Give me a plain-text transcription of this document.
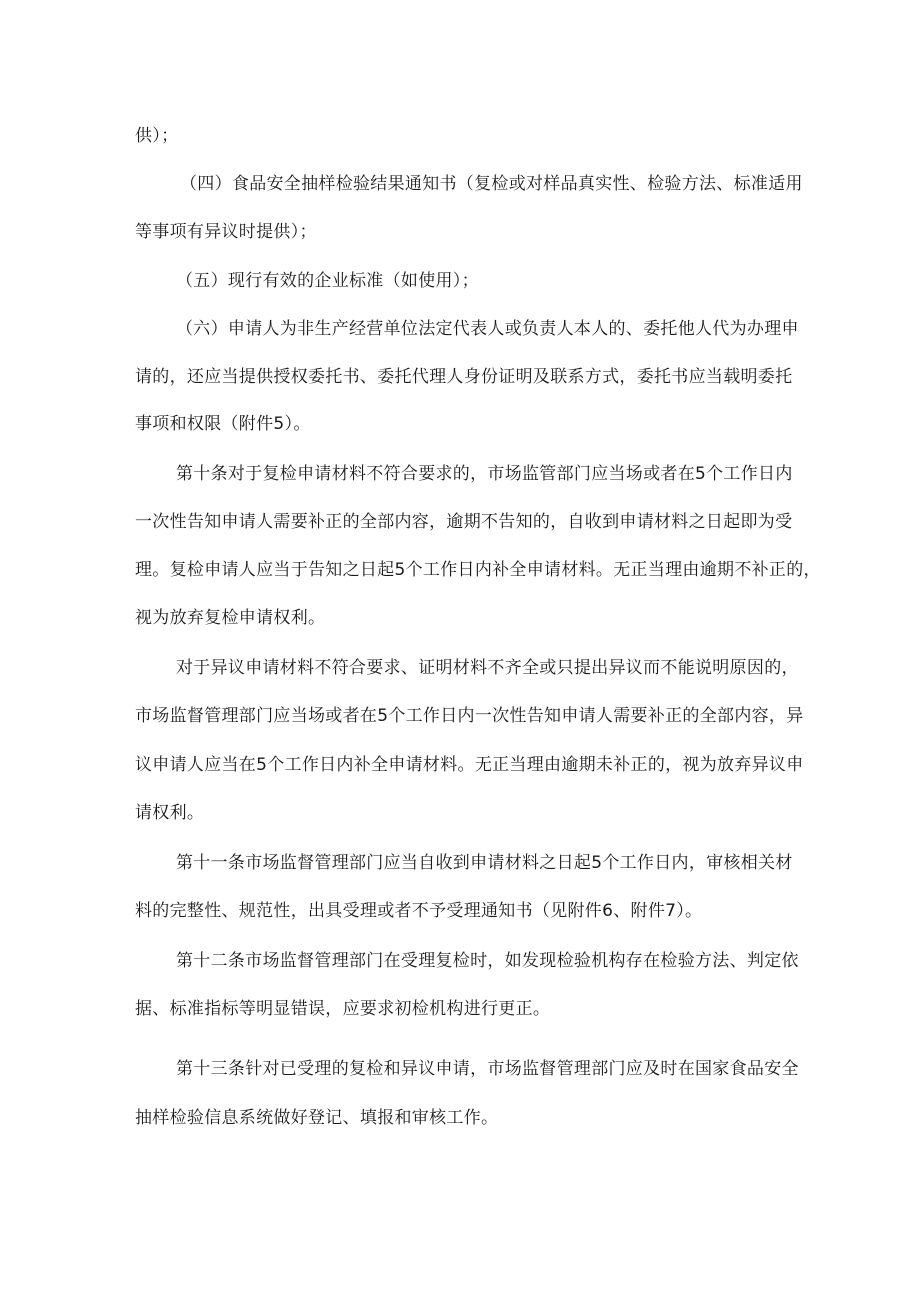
供）；
（四）食品安全抽样检验结果通知书（复检或对样品真实性、检验方法、标准适用
等事项有异议时提供）；
（五）现行有效的企业标准（如使用）；
（六）申请人为非生产经营单位法定代表人或负责人本人的、委托他人代为办理申
请的，还应当提供授权委托书、委托代理人身份证明及联系方式，委托书应当载明委托
事项和权限（附件5）。
第十条对于复检申请材料不符合要求的，市场监管部门应当场或者在5个工作日内
一次性告知申请人需要补正的全部内容，逾期不告知的，自收到申请材料之日起即为受
理。复检申请人应当于告知之日起5个工作日内补全申请材料。无正当理由逾期不补正的，
视为放弃复检申请权利。
对于异议申请材料不符合要求、证明材料不齐全或只提出异议而不能说明原因的，
市场监督管理部门应当场或者在5个工作日内一次性告知申请人需要补正的全部内容，异
议申请人应当在5个工作日内补全申请材料。无正当理由逾期未补正的，视为放弃异议申
请权利。
第十一条市场监督管理部门应当自收到申请材料之日起5个工作日内，审核相关材
料的完整性、规范性，出具受理或者不予受理通知书（见附件6、附件7）。
第十二条市场监督管理部门在受理复检时，如发现检验机构存在检验方法、判定依
据、标准指标等明显错误，应要求初检机构进行更正。
第十三条针对已受理的复检和异议申请，市场监督管理部门应及时在国家食品安全
抽样检验信息系统做好登记、填报和审核工作。
